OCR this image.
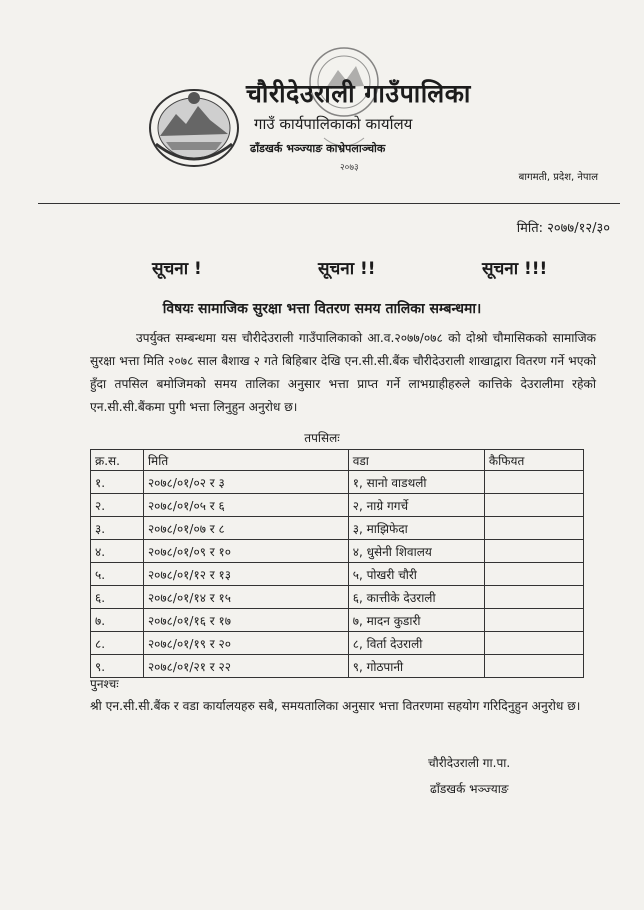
चौरीदेउराली गाउँपालिका
गाउँ कार्यपालिकाको कार्यालय
ढाँडखर्क भञ्ज्याङ काभ्रेपलाञ्चोक
२०७३
बागमती, प्रदेश, नेपाल
मिति: २०७७/१२/३०
सूचना !	सूचना !!	सूचना !!!
विषयः सामाजिक सुरक्षा भत्ता वितरण समय तालिका सम्बन्धमा।
उपर्युक्त सम्बन्धमा यस चौरीदेउराली गाउँपालिकाको आ.व.२०७७/०७८ को दोश्रो चौमासिकको सामाजिक सुरक्षा भत्ता मिति २०७८ साल बैशाख २ गते बिहिबार देखि एन.सी.सी.बैंक चौरीदेउराली शाखाद्वारा वितरण गर्ने भएको हुँदा तपसिल बमोजिमको समय तालिका अनुसार भत्ता प्राप्त गर्ने लाभग्राहीहरुले कात्तिके देउरालीमा रहेको एन.सी.सी.बैंकमा पुगी भत्ता लिनुहुन अनुरोध छ।
तपसिलः
क्र.स.	मिति	वडा	कैफियत
१.	२०७८/०१/०२ र ३	१, सानो वाडथली	
२.	२०७८/०१/०५ र ६	२, नाग्रे गगर्चे	
३.	२०७८/०१/०७ र ८	३, माझिफेदा	
४.	२०७८/०१/०९ र १०	४, धुसेनी शिवालय	
५.	२०७८/०१/१२ र १३	५, पोखरी चौरी	
६.	२०७८/०१/१४ र १५	६, कात्तीके देउराली	
७.	२०७८/०१/१६ र १७	७, मादन कुडारी	
८.	२०७८/०१/१९ र २०	८, विर्ता देउराली	
९.	२०७८/०१/२१ र २२	९, गोठपानी	
पुनश्चः
श्री एन.सी.सी.बैंक र वडा कार्यालयहरु सबै, समयतालिका अनुसार भत्ता वितरणमा सहयोग गरिदिनुहुन अनुरोध छ।
चौरीदेउराली गा.पा.
ढाँडखर्क भञ्ज्याङ
